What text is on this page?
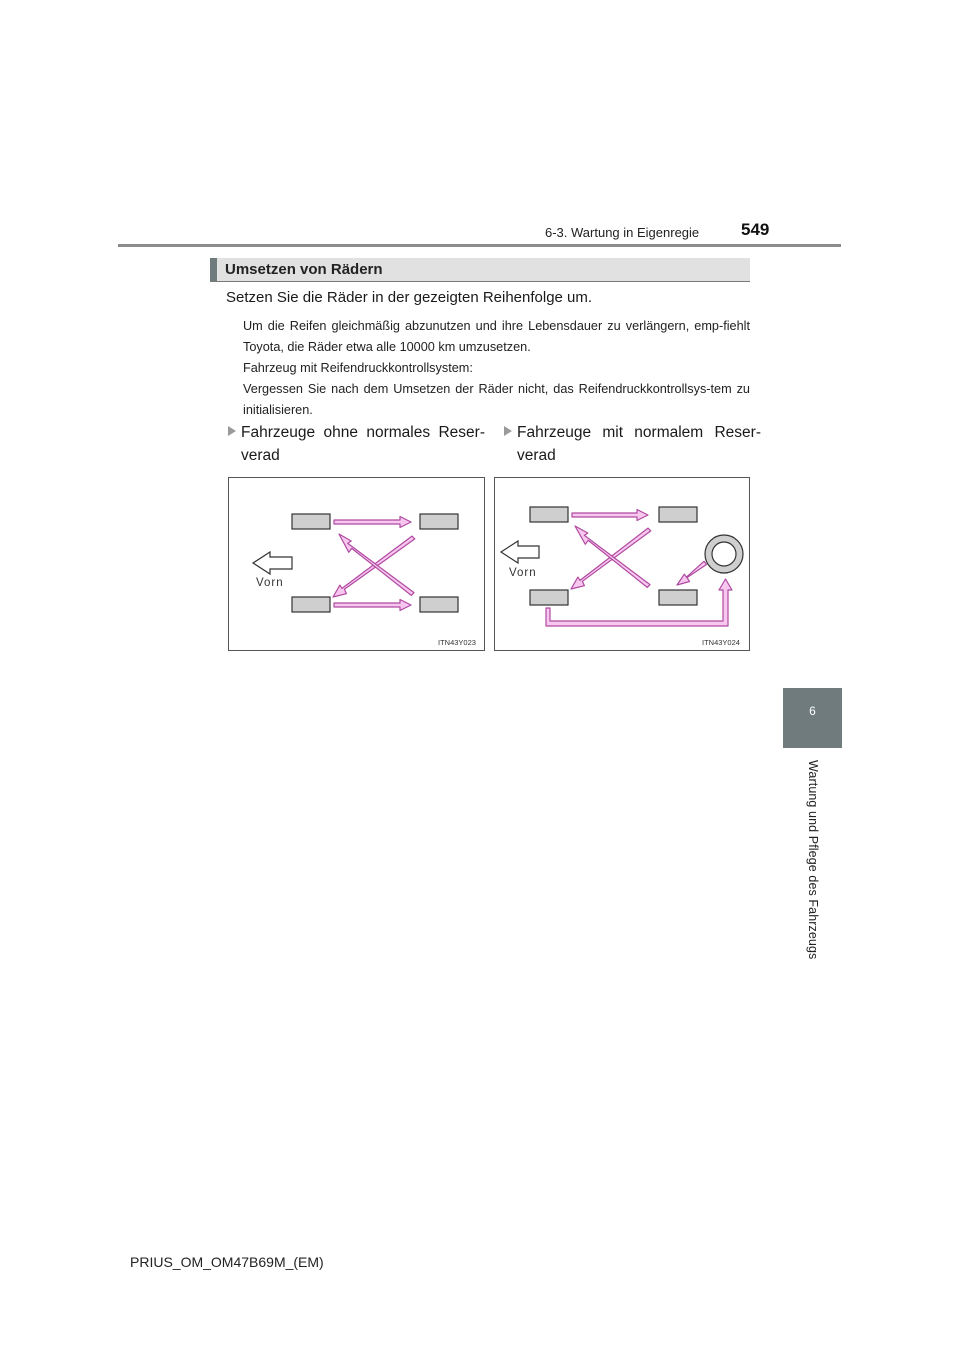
6-3. Wartung in Eigenregie 549
6
Wartung und Pflege des Fahrzeugs
Umsetzen von Rädern
Setzen Sie die Räder in der gezeigten Reihenfolge um.
Um die Reifen gleichmäßig abzunutzen und ihre Lebensdauer zu verlängern, emp-fiehlt Toyota, die Räder etwa alle 10000 km umzusetzen.
Fahrzeug mit Reifendruckkontrollsystem:
Vergessen Sie nach dem Umsetzen der Räder nicht, das Reifendruckkontrollsys-tem zu initialisieren.
Fahrzeuge ohne normales Reser-verad
Fahrzeuge mit normalem Reser-verad
Vorn
ITN43Y023
Vorn
ITN43Y024
PRIUS_OM_OM47B69M_(EM)
